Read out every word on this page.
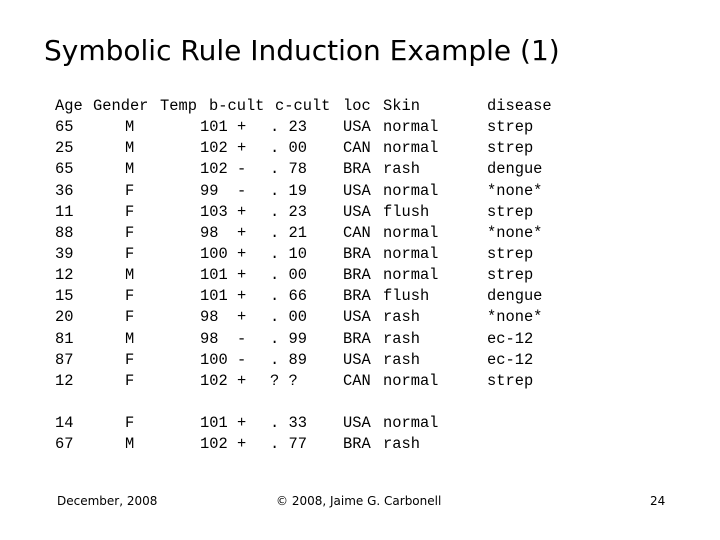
Symbolic Rule Induction Example (1)
Age Gender Temp b-cult c-cult loc Skin	disease
65	M	101 + . 23 USA normal	strep
25	M	102 + . 00 CAN normal	strep
65	M	102 - . 78 BRA rash	dengue
36	F	99 - . 19 USA normal	*none*
11	F	103 + . 23 USA flush	strep
88	F	98 + . 21 CAN normal	*none*
39	F	100 + . 10 BRA normal	strep
12	M	101 + . 00 BRA normal	strep
15	F	101 + . 66 BRA flush	dengue
20	F	98 + . 00 USA rash	*none*
81	M	98 - . 99 BRA rash	ec-12
87	F	100 - . 89 USA rash	ec-12
12	F	102 + ? ?	CAN normal	strep
14	F	101 + . 33 USA normal
67	M	102 + . 77 BRA rash
December, 2008	© 2008, Jaime G. Carbonell	24
